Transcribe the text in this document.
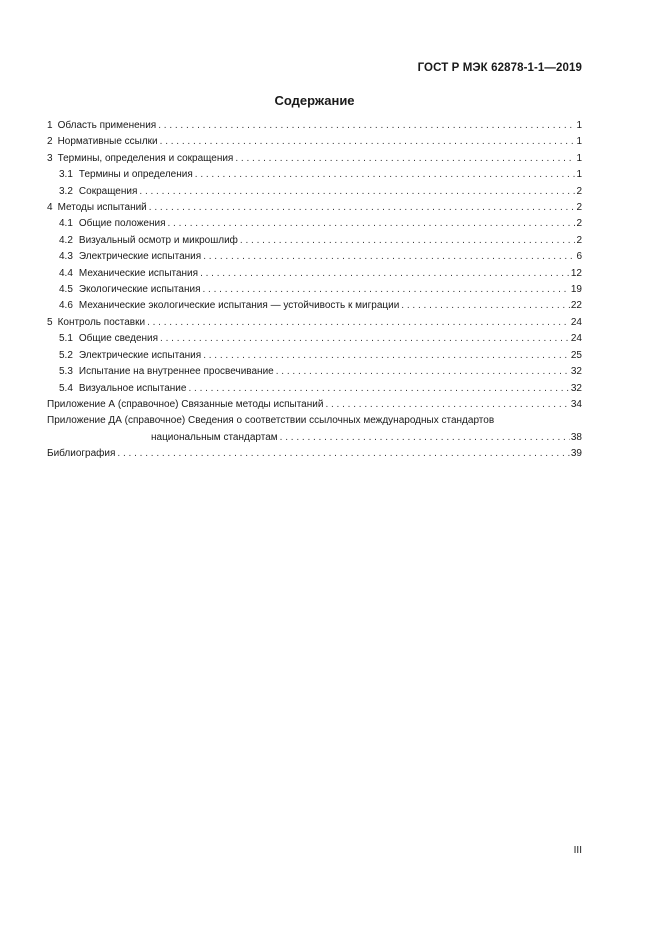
ГОСТ Р МЭК 62878-1-1—2019
Содержание
1 Область применения . . .	1
2 Нормативные ссылки . . .	1
3 Термины, определения и сокращения . . .	1
3.1 Термины и определения . . .	1
3.2 Сокращения . . .	2
4 Методы испытаний . . .	2
4.1 Общие положения . . .	2
4.2 Визуальный осмотр и микрошлиф . . .	2
4.3 Электрические испытания . . .	6
4.4 Механические испытания . . .	12
4.5 Экологические испытания . . .	19
4.6 Механические экологические испытания — устойчивость к миграции . . .	22
5 Контроль поставки . . .	24
5.1 Общие сведения . . .	24
5.2 Электрические испытания . . .	25
5.3 Испытание на внутреннее просвечивание . . .	32
5.4 Визуальное испытание . . .	32
Приложение А (справочное) Связанные методы испытаний . . .	34
Приложение ДА (справочное) Сведения о соответствии ссылочных международных стандартов
национальным стандартам . . .	38
Библиография . . .	39
III
